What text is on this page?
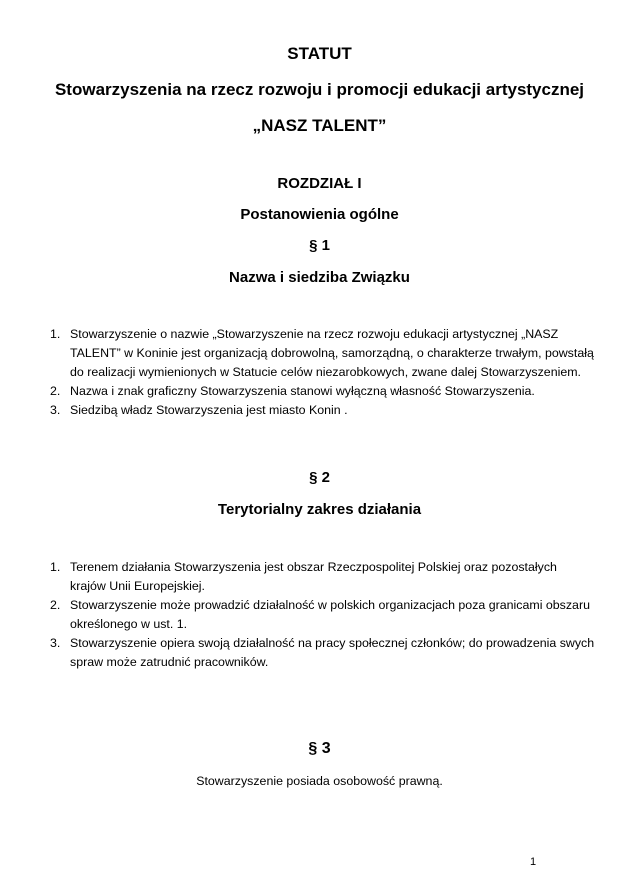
STATUT
Stowarzyszenia na rzecz rozwoju i promocji edukacji artystycznej
„NASZ TALENT”
ROZDZIAŁ I
Postanowienia ogólne
§ 1
Nazwa i siedziba Związku
1. Stowarzyszenie o nazwie „Stowarzyszenie na rzecz rozwoju edukacji artystycznej „NASZ TALENT” w Koninie jest organizacją dobrowolną, samorządną, o charakterze trwałym, powstałą do realizacji wymienionych w Statucie celów niezarobkowych, zwane dalej Stowarzyszeniem.
2. Nazwa i znak graficzny Stowarzyszenia stanowi wyłączną własność Stowarzyszenia.
3. Siedzibą władz Stowarzyszenia jest miasto Konin .
§ 2
Terytorialny zakres działania
1. Terenem działania Stowarzyszenia jest obszar Rzeczpospolitej Polskiej oraz pozostałych krajów Unii Europejskiej.
2. Stowarzyszenie może prowadzić działalność w polskich organizacjach poza granicami obszaru określonego w ust. 1.
3. Stowarzyszenie opiera swoją działalność na pracy społecznej członków; do prowadzenia swych spraw może zatrudnić pracowników.
§ 3
Stowarzyszenie posiada osobowość prawną.
1
